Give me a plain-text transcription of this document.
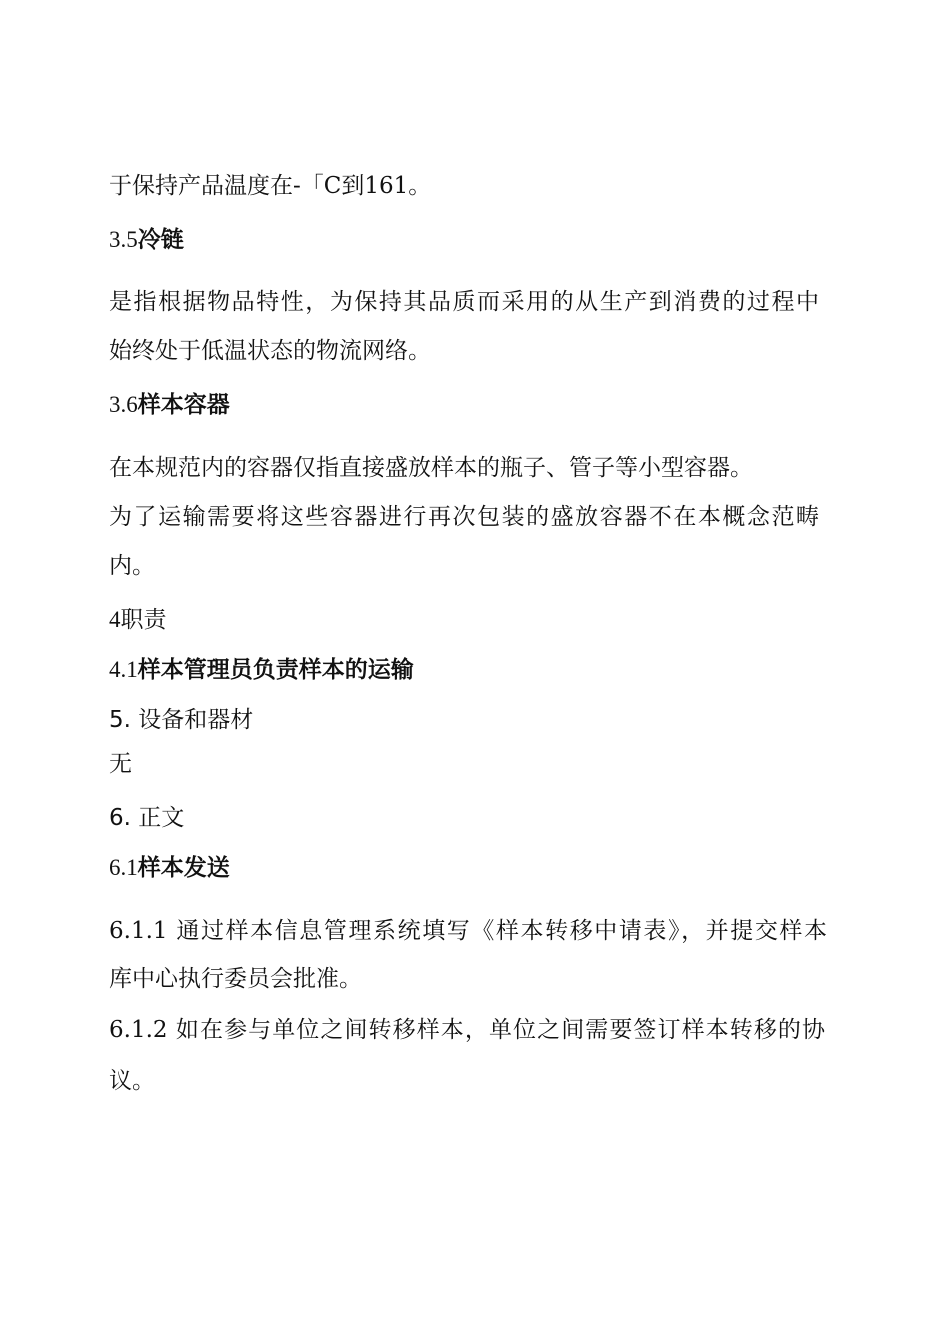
于保持产品温度在-「C到161。
3.5冷链
是指根据物品特性，为保持其品质而采用的从生产到消费的过程中
始终处于低温状态的物流网络。
3.6样本容器
在本规范内的容器仅指直接盛放样本的瓶子、管子等小型容器。
为了运输需要将这些容器进行再次包装的盛放容器不在本概念范畴
内。
4职责
4.1样本管理员负责样本的运输
5. 设备和器材
无
6. 正文
6.1样本发送
6.1.1 通过样本信息管理系统填写《样本转移中请表》，并提交样本
库中心执行委员会批准。
6.1.2 如在参与单位之间转移样本，单位之间需要签订样本转移的协
议。
